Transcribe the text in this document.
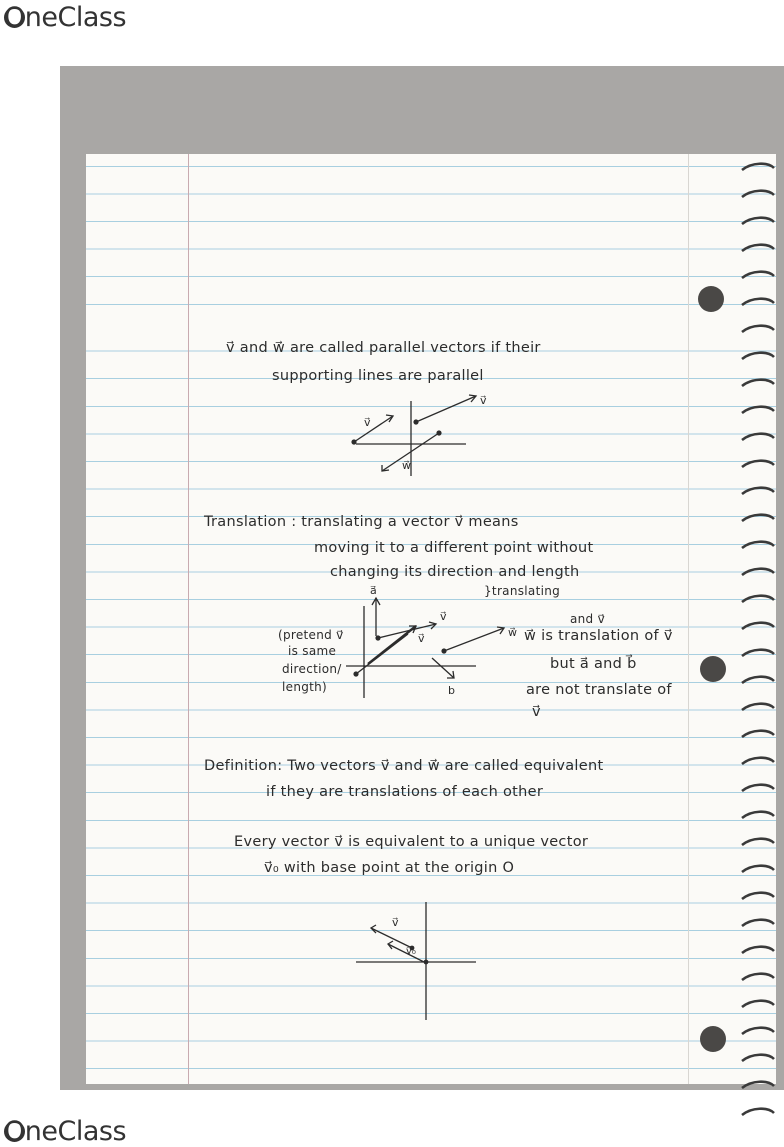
OneClass
v⃗ and w⃗ are called parallel vectors if their
supporting lines are parallel
v⃗
w⃗
v⃗
Translation : translating a vector v⃗ means
moving it to a different point without
changing its direction and length
a⃗
v⃗
v⃗	w⃗
b
}translating
(pretend v⃗
is same
direction/
length)
and v⃗
w⃗ is translation of v⃗
but a⃗ and b⃗
are not translate of
v⃗
Definition: Two vectors v⃗ and w⃗ are called equivalent
if they are translations of each other
Every vector v⃗ is equivalent to a unique vector
v⃗₀ with base point at the origin O
v⃗
v⃗₀
OneClass
